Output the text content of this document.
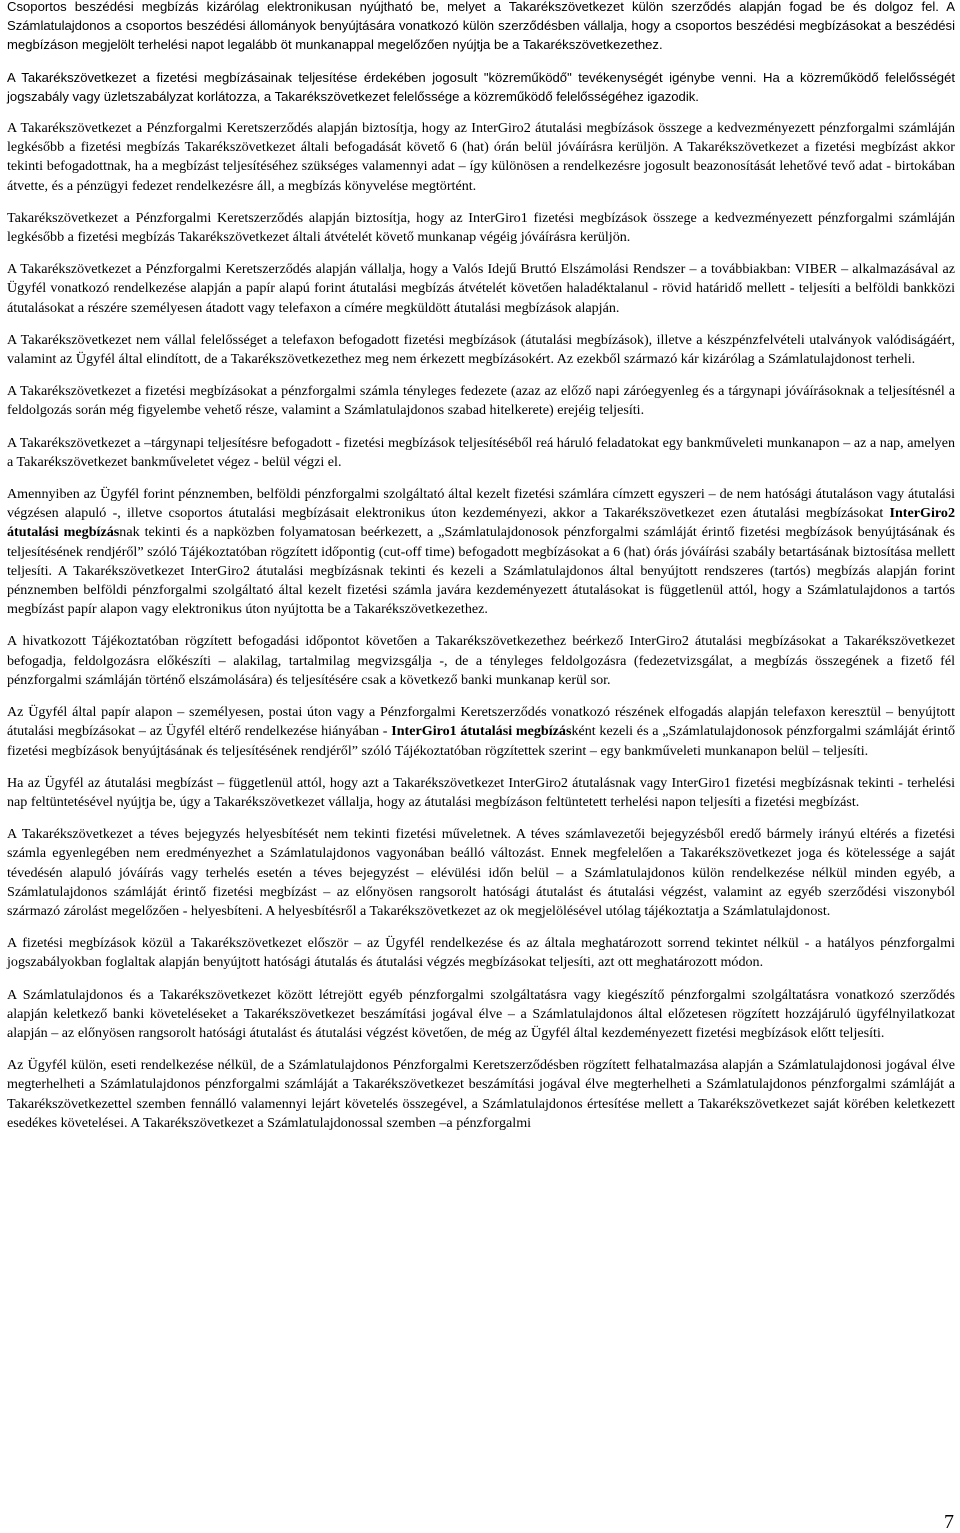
Csoportos beszédési megbízás kizárólag elektronikusan nyújtható be, melyet a Takarékszövetkezet külön szerződés alapján fogad be és dolgoz fel. A Számlatulajdonos a csoportos beszédési állományok benyújtására vonatkozó külön szerződésben vállalja, hogy a csoportos beszédési megbízásokat a beszédési megbízáson megjelölt terhelési napot legalább öt munkanappal megelőzően nyújtja be a Takarékszövetkezethez.

A Takarékszövetkezet a fizetési megbízásainak teljesítése érdekében jogosult "közreműködő" tevékenységét igénybe venni. Ha a közreműködő felelősségét jogszabály vagy üzletszabályzat korlátozza, a Takarékszövetkezet felelőssége a közreműködő felelősségéhez igazodik.

A Takarékszövetkezet a Pénzforgalmi Keretszerződés alapján biztosítja, hogy az InterGiro2 átutalási megbízások összege a kedvezményezett pénzforgalmi számláján legkésőbb a fizetési megbízás Takarékszövetkezet általi befogadását követő 6 (hat) órán belül jóváírásra kerüljön. A Takarékszövetkezet a fizetési megbízást akkor tekinti befogadottnak, ha a megbízást teljesítéséhez szükséges valamennyi adat – így különösen a rendelkezésre jogosult beazonosítását lehetővé tevő adat - birtokában átvette, és a pénzügyi fedezet rendelkezésre áll, a megbízás könyvelése megtörtént.

Takarékszövetkezet a Pénzforgalmi Keretszerződés alapján biztosítja, hogy az InterGiro1 fizetési megbízások összege a kedvezményezett pénzforgalmi számláján legkésőbb a fizetési megbízás Takarékszövetkezet általi átvételét követő munkanap végéig jóváírásra kerüljön.

A Takarékszövetkezet a Pénzforgalmi Keretszerződés alapján vállalja, hogy a Valós Idejű Bruttó Elszámolási Rendszer – a továbbiakban: VIBER – alkalmazásával az Ügyfél vonatkozó rendelkezése alapján a papír alapú forint átutalási megbízás átvételét követően haladéktalanul - rövid határidő mellett - teljesíti a belföldi bankközi átutalásokat a részére személyesen átadott vagy telefaxon a címére megküldött átutalási megbízások alapján.

A Takarékszövetkezet nem vállal felelősséget a telefaxon befogadott fizetési megbízások (átutalási megbízások), illetve a készpénzfelvételi utalványok valódiságáért, valamint az Ügyfél által elindított, de a Takarékszövetkezethez meg nem érkezett megbízásokért. Az ezekből származó kár kizárólag a Számlatulajdonost terheli.

A Takarékszövetkezet a fizetési megbízásokat a pénzforgalmi számla tényleges fedezete (azaz az előző napi záróegyenleg és a tárgynapi jóváírásoknak a teljesítésnél a feldolgozás során még figyelembe vehető része, valamint a Számlatulajdonos szabad hitelkerete) erejéig teljesíti.

A Takarékszövetkezet a –tárgynapi teljesítésre befogadott - fizetési megbízások teljesítéséből reá háruló feladatokat egy bankműveleti munkanapon – az a nap, amelyen a Takarékszövetkezet bankműveletet végez - belül végzi el.

Amennyiben az Ügyfél forint pénznemben, belföldi pénzforgalmi szolgáltató által kezelt fizetési számlára címzett egyszeri – de nem hatósági átutaláson vagy átutalási végzésen alapuló -, illetve csoportos átutalási megbízásait elektronikus úton kezdeményezi, akkor a Takarékszövetkezet ezen átutalási megbízásokat InterGiro2 átutalási megbízásnak tekinti és a napközben folyamatosan beérkezett, a „Számlatulajdonosok pénzforgalmi számláját érintő fizetési megbízások benyújtásának és teljesítésének rendjéről” szóló Tájékoztatóban rögzített időpontig (cut-off time) befogadott megbízásokat a 6 (hat) órás jóváírási szabály betartásának biztosítása mellett teljesíti. A Takarékszövetkezet InterGiro2 átutalási megbízásnak tekinti és kezeli a Számlatulajdonos által benyújtott rendszeres (tartós) megbízás alapján forint pénznemben belföldi pénzforgalmi szolgáltató által kezelt fizetési számla javára kezdeményezett átutalásokat is függetlenül attól, hogy a Számlatulajdonos a tartós megbízást papír alapon vagy elektronikus úton nyújtotta be a Takarékszövetkezethez.

A hivatkozott Tájékoztatóban rögzített befogadási időpontot követően a Takarékszövetkezethez beérkező InterGiro2 átutalási megbízásokat a Takarékszövetkezet befogadja, feldolgozásra előkészíti – alakilag, tartalmilag megvizsgálja -, de a tényleges feldolgozásra (fedezetvizsgálat, a megbízás összegének a fizető fél pénzforgalmi számláján történő elszámolására) és teljesítésére csak a következő banki munkanap kerül sor.

Az Ügyfél által papír alapon – személyesen, postai úton vagy a Pénzforgalmi Keretszerződés vonatkozó részének elfogadás alapján telefaxon keresztül – benyújtott átutalási megbízásokat – az Ügyfél eltérő rendelkezése hiányában - InterGiro1 átutalási megbízásként kezeli és a „Számlatulajdonosok pénzforgalmi számláját érintő fizetési megbízások benyújtásának és teljesítésének rendjéről” szóló Tájékoztatóban rögzítettek szerint – egy bankműveleti munkanapon belül – teljesíti.

Ha az Ügyfél az átutalási megbízást – függetlenül attól, hogy azt a Takarékszövetkezet InterGiro2 átutalásnak vagy InterGiro1 fizetési megbízásnak tekinti - terhelési nap feltüntetésével nyújtja be, úgy a Takarékszövetkezet vállalja, hogy az átutalási megbízáson feltüntetett terhelési napon teljesíti a fizetési megbízást.

A Takarékszövetkezet a téves bejegyzés helyesbítését nem tekinti fizetési műveletnek. A téves számlavezetői bejegyzésből eredő bármely irányú eltérés a fizetési számla egyenlegében nem eredményezhet a Számlatulajdonos vagyonában beálló változást. Ennek megfelelően a Takarékszövetkezet joga és kötelessége a saját tévedésén alapuló jóváírás vagy terhelés esetén a téves bejegyzést – elévülési időn belül – a Számlatulajdonos külön rendelkezése nélkül minden egyéb, a Számlatulajdonos számláját érintő fizetési megbízást – az előnyösen rangsorolt hatósági átutalást és átutalási végzést, valamint az egyéb szerződési viszonyból származó zárolást megelőzően - helyesbíteni. A helyesbítésről a Takarékszövetkezet az ok megjelölésével utólag tájékoztatja a Számlatulajdonost.

A fizetési megbízások közül a Takarékszövetkezet először – az Ügyfél rendelkezése és az általa meghatározott sorrend tekintet nélkül - a hatályos pénzforgalmi jogszabályokban foglaltak alapján benyújtott hatósági átutalás és átutalási végzés megbízásokat teljesíti, azt ott meghatározott módon.

A Számlatulajdonos és a Takarékszövetkezet között létrejött egyéb pénzforgalmi szolgáltatásra vagy kiegészítő pénzforgalmi szolgáltatásra vonatkozó szerződés alapján keletkező banki követeléseket a Takarékszövetkezet beszámítási jogával élve – a Számlatulajdonos által előzetesen rögzített hozzájáruló ügyfélnyilatkozat alapján – az előnyösen rangsorolt hatósági átutalást és átutalási végzést követően, de még az Ügyfél által kezdeményezett fizetési megbízások előtt teljesíti.

Az Ügyfél külön, eseti rendelkezése nélkül, de a Számlatulajdonos Pénzforgalmi Keretszerződésben rögzített felhatalmazása alapján a Számlatulajdonosi jogával élve megterhelheti a Számlatulajdonos pénzforgalmi számláját a Takarékszövetkezet beszámítási jogával élve megterhelheti a Számlatulajdonos pénzforgalmi számláját a Takarékszövetkezettel szemben fennálló valamennyi lejárt követelés összegével, a Számlatulajdonos értesítése mellett a Takarékszövetkezet saját körében keletkezett esedékes követelései. A Takarékszövetkezet a Számlatulajdonossal szemben –a pénzforgalmi

7
